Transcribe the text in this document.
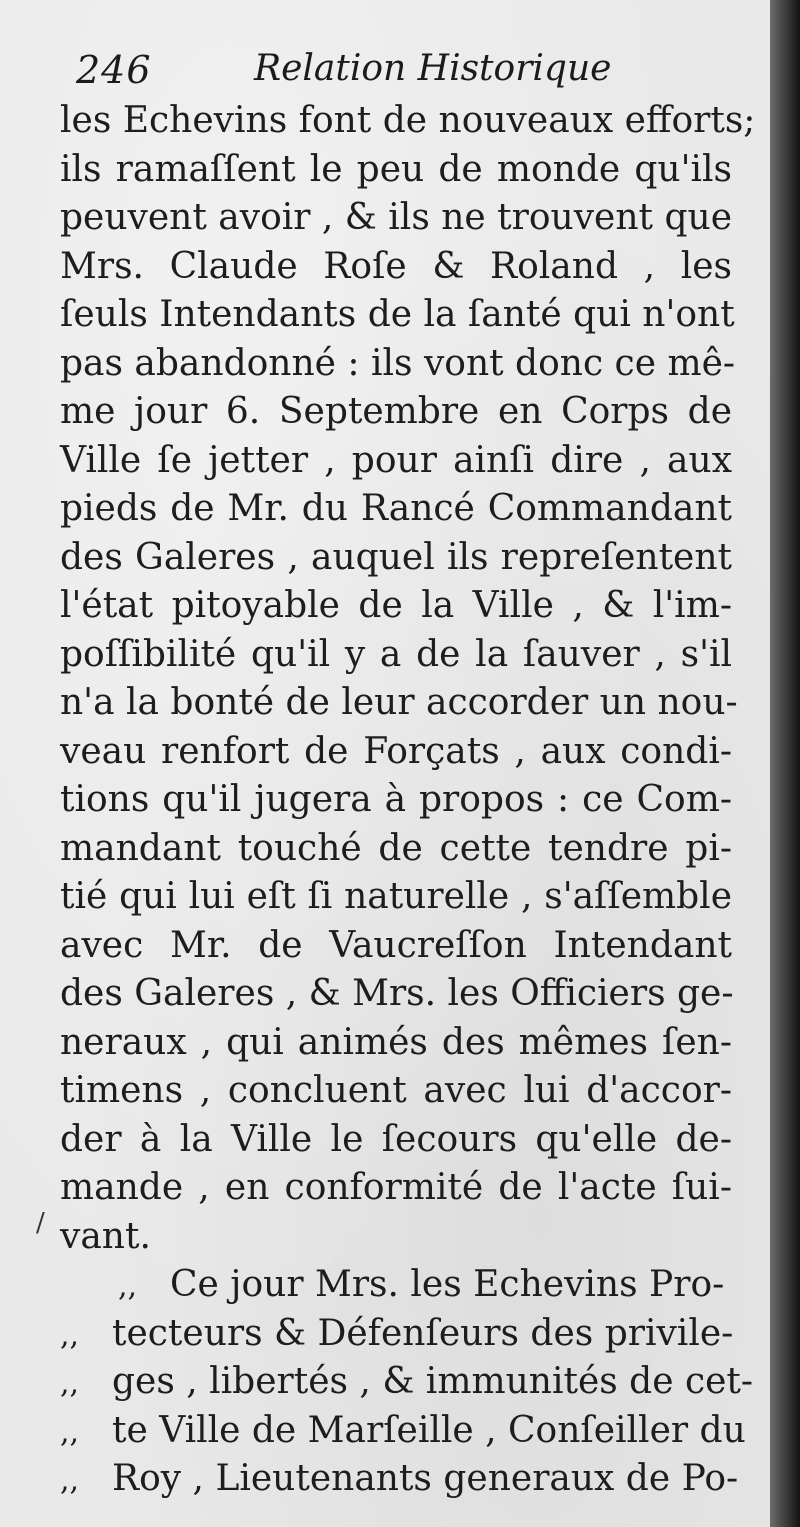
246	Relation Historique
les Echevins font de nouveaux efforts;
ils ramaſſent le peu de monde qu'ils
peuvent avoir , & ils ne trouvent que
Mrs. Claude Roſe & Roland , les
ſeuls Intendants de la ſanté qui n'ont
pas abandonné : ils vont donc ce mê-
me jour 6. Septembre en Corps de
Ville ſe jetter , pour ainſi dire , aux
pieds de Mr. du Rancé Commandant
des Galeres , auquel ils repreſentent
l'état pitoyable de la Ville , & l'im-
poſſibilité qu'il y a de la ſauver , s'il
n'a la bonté de leur accorder un nou-
veau renfort de Forçats , aux condi-
tions qu'il jugera à propos : ce Com-
mandant touché de cette tendre pi-
tié qui lui eſt ſi naturelle , s'aſſemble
avec Mr. de Vaucreſſon Intendant
des Galeres , & Mrs. les Officiers ge-
neraux , qui animés des mêmes ſen-
timens , concluent avec lui d'accor-
der à la Ville le ſecours qu'elle de-
mande , en conformité de l'acte ſui-
vant.
,, Ce jour Mrs. les Echevins Pro-
,, tecteurs & Défenſeurs des privile-
,, ges , libertés , & immunités de cet-
,, te Ville de Marſeille , Conſeiller du
,, Roy , Lieutenants generaux de Po-
/
